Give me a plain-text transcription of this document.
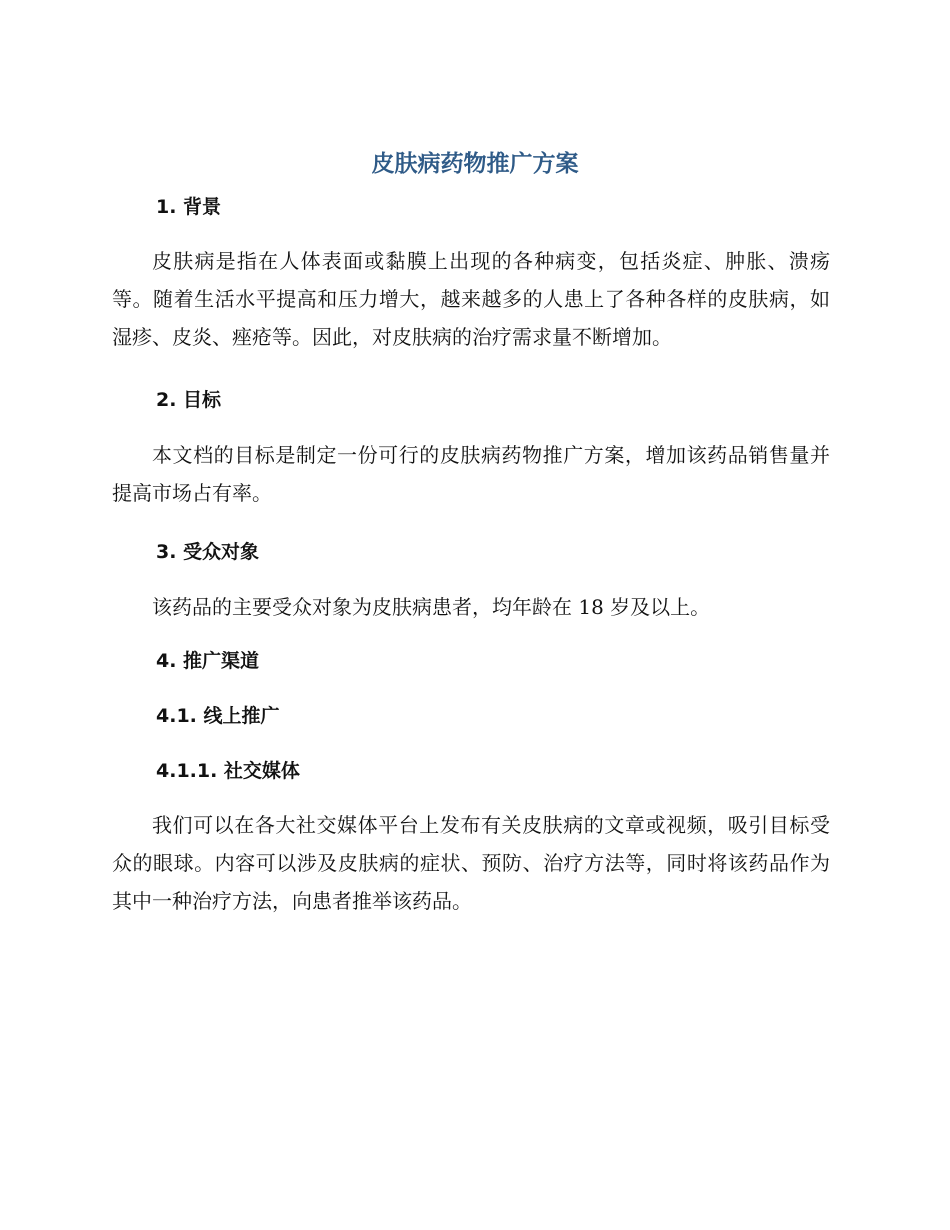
皮肤病药物推广方案
1. 背景

皮肤病是指在人体表面或黏膜上出现的各种病变，包括炎症、肿胀、溃疡等。随着生活水平提高和压力增大，越来越多的人患上了各种各样的皮肤病，如湿疹、皮炎、痤疮等。因此，对皮肤病的治疗需求量不断增加。

2. 目标

本文档的目标是制定一份可行的皮肤病药物推广方案，增加该药品销售量并提高市场占有率。

3. 受众对象

该药品的主要受众对象为皮肤病患者，均年龄在 18 岁及以上。

4. 推广渠道
4.1. 线上推广
4.1.1. 社交媒体

我们可以在各大社交媒体平台上发布有关皮肤病的文章或视频，吸引目标受众的眼球。内容可以涉及皮肤病的症状、预防、治疗方法等，同时将该药品作为其中一种治疗方法，向患者推举该药品。
